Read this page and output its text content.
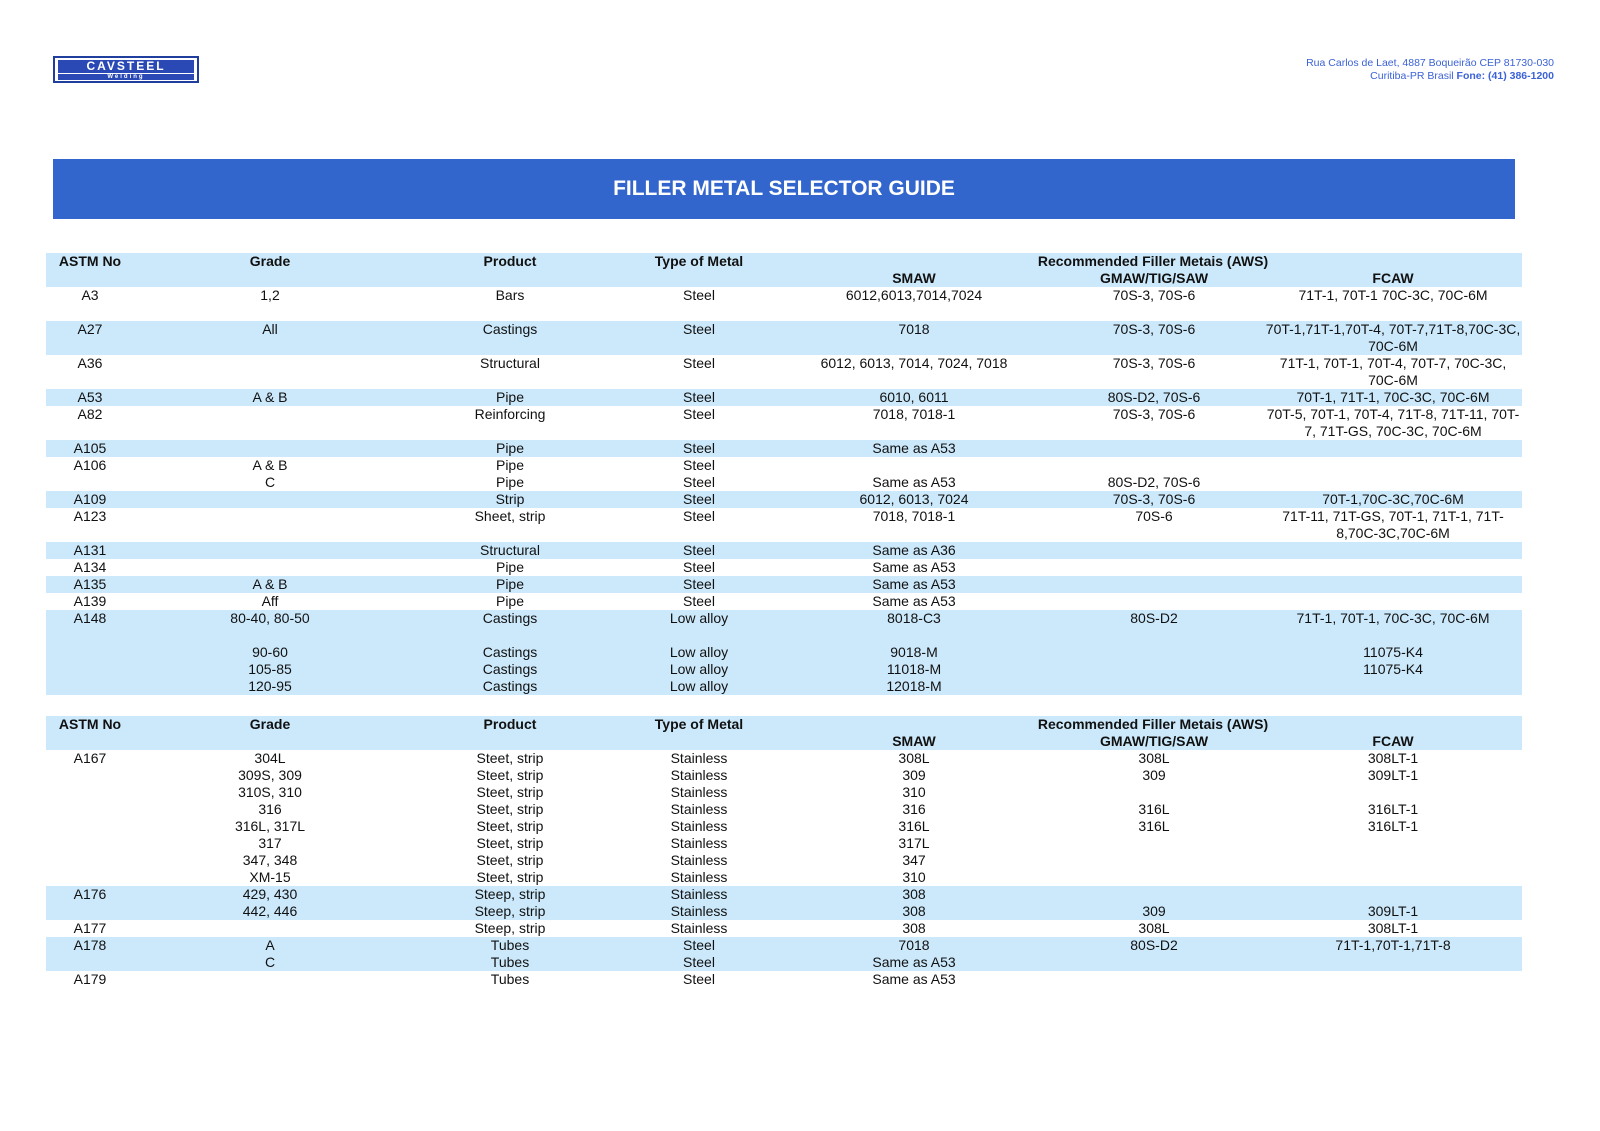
CAVSTEEL
Welding
Rua Carlos de Laet, 4887 Boqueirão CEP 81730-030
Curitiba-PR Brasil Fone: (41) 386-1200
FILLER METAL SELECTOR GUIDE
ASTM No	Grade	Product	Type of Metal	Recommended Filler Metais (AWS)		
				SMAW	GMAW/TIG/SAW	FCAW
A3	1,2	Bars	Steel	6012,6013,7014,7024	70S-3, 70S-6	71T-1, 70T-1 70C-3C, 70C-6M
A27	All	Castings	Steel	7018	70S-3, 70S-6	70T-1,71T-1,70T-4, 70T-7,71T-8,70C-3C, 70C-6M
A36		Structural	Steel	6012, 6013, 7014, 7024, 7018	70S-3, 70S-6	71T-1, 70T-1, 70T-4, 70T-7, 70C-3C, 70C-6M
A53	A & B	Pipe	Steel	6010, 6011	80S-D2, 70S-6	70T-1, 71T-1, 70C-3C, 70C-6M
A82		Reinforcing	Steel	7018, 7018-1	70S-3, 70S-6	70T-5, 70T-1, 70T-4, 71T-8, 71T-11, 70T-7, 71T-GS, 70C-3C, 70C-6M
A105		Pipe	Steel	Same as A53		
A106	A & B	Pipe	Steel			
	C	Pipe	Steel	Same as A53	80S-D2, 70S-6	
A109		Strip	Steel	6012, 6013, 7024	70S-3, 70S-6	70T-1,70C-3C,70C-6M
A123		Sheet, strip	Steel	7018, 7018-1	70S-6	71T-11, 71T-GS, 70T-1, 71T-1, 71T-8,70C-3C,70C-6M
A131		Structural	Steel	Same as A36		
A134		Pipe	Steel	Same as A53		
A135	A & B	Pipe	Steel	Same as A53		
A139	Aff	Pipe	Steel	Same as A53		
A148	80-40, 80-50	Castings	Low alloy	8018-C3	80S-D2	71T-1, 70T-1, 70C-3C, 70C-6M
	90-60	Castings	Low alloy	9018-M		11075-K4
	105-85	Castings	Low alloy	11018-M		11075-K4
	120-95	Castings	Low alloy	12018-M		
ASTM No	Grade	Product	Type of Metal	Recommended Filler Metais (AWS)		
				SMAW	GMAW/TIG/SAW	FCAW
A167	304L	Steet, strip	Stainless	308L	308L	308LT-1
	309S, 309	Steet, strip	Stainless	309	309	309LT-1
	310S, 310	Steet, strip	Stainless	310		
	316	Steet, strip	Stainless	316	316L	316LT-1
	316L, 317L	Steet, strip	Stainless	316L	316L	316LT-1
	317	Steet, strip	Stainless	317L		
	347, 348	Steet, strip	Stainless	347		
	XM-15	Steet, strip	Stainless	310		
A176	429, 430	Steep, strip	Stainless	308		
	442, 446	Steep, strip	Stainless	308	309	309LT-1
A177		Steep, strip	Stainless	308	308L	308LT-1
A178	A	Tubes	Steel	7018	80S-D2	71T-1,70T-1,71T-8
	C	Tubes	Steel	Same as A53		
A179		Tubes	Steel	Same as A53		
